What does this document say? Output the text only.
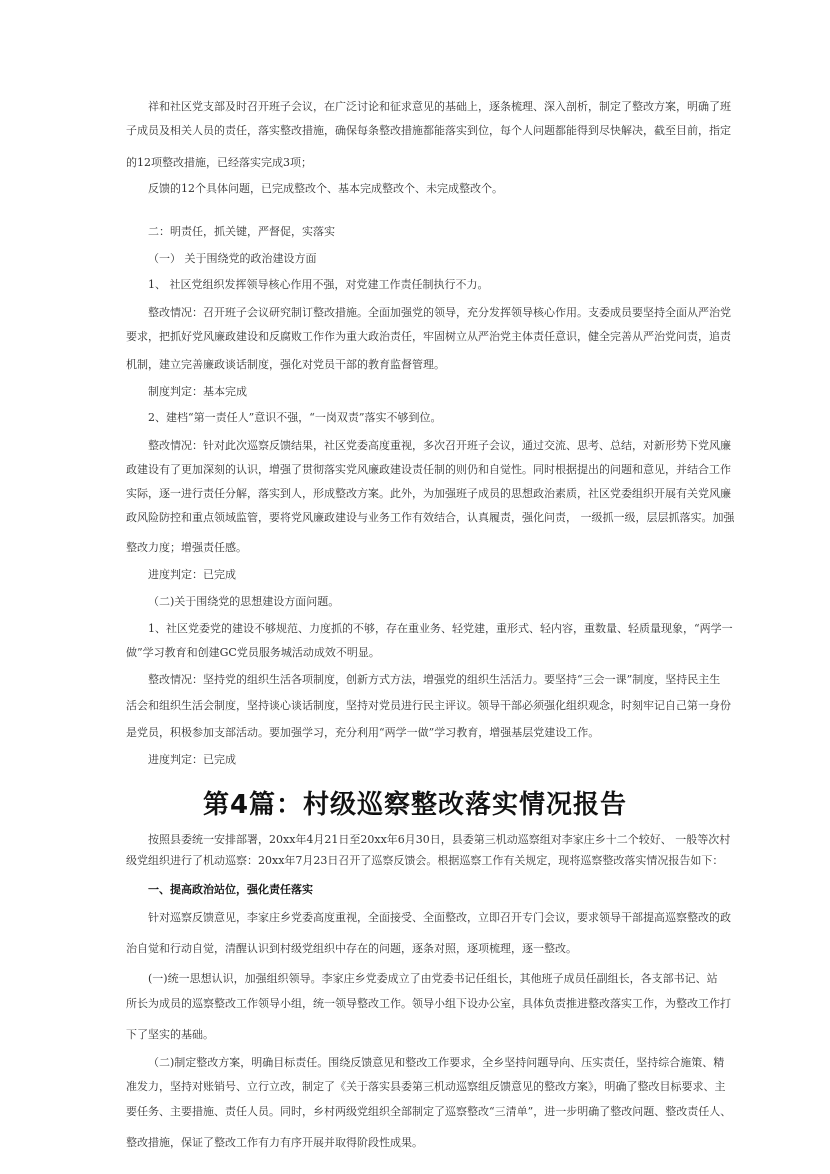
祥和社区党支部及时召开班子会议，在广泛讨论和征求意见的基础上，逐条梳理、深入剖析，制定了整改方案，明确了班
子成员及相关人员的责任，落实整改措施，确保每条整改措施都能落实到位，每个人问题都能得到尽快解决，截至目前，指定
的12项整改措施，已经落实完成3项；
反馈的12个具体问题，已完成整改个、基本完成整改个、未完成整改个。
二：明责任，抓关键，严督促，实落实
（一） 关于围绕党的政治建设方面
1、 社区党组织发挥领导核心作用不强，对党建工作责任制执行不力。
整改情况：召开班子会议研究制订整改措施。全面加强党的领导，充分发挥领导核心作用。支委成员要坚持全面从严治党
要求，把抓好党风廉政建设和反腐败工作作为重大政治责任，牢固树立从严治党主体责任意识，健全完善从严治党问责，追责
机制，建立完善廉政谈话制度，强化对党员干部的教育监督管理。
制度判定：基本完成
2、建档“第一责任人”意识不强，“一岗双责”落实不够到位。
整改情况：针对此次巡察反馈结果，社区党委高度重视，多次召开班子会议，通过交流、思考、总结，对新形势下党风廉
政建设有了更加深刻的认识，增强了贯彻落实党风廉政建设责任制的则仍和自觉性。同时根据提出的问题和意见，并结合工作
实际，逐一进行责任分解，落实到人，形成整改方案。此外，为加强班子成员的思想政治素质，社区党委组织开展有关党风廉
政风险防控和重点领域监管，要将党风廉政建设与业务工作有效结合，认真履责，强化问责， 一级抓一级，层层抓落实。加强
整改力度；增强责任感。
进度判定：已完成
（二)关于围绕党的思想建设方面问题。
1、社区党委党的建设不够规范、力度抓的不够，存在重业务、轻党建，重形式、轻内容，重数量、轻质量现象，“两学一
做”学习教育和创建GC党员服务城活动成效不明显。
整改情况：坚持党的组织生活各项制度，创新方式方法，增强党的组织生活活力。要坚持“三会一课”制度，坚持民主生
活会和组织生活会制度，坚持谈心谈话制度，坚持对党员进行民主评议。领导干部必须强化组织观念，时刻牢记自己第一身份
是党员，积极参加支部活动。要加强学习，充分利用“两学一做”学习教育，增强基层党建设工作。
进度判定：已完成
第4篇：村级巡察整改落实情况报告
按照县委统一安排部署，20xx年4月21日至20xx年6月30日，县委第三机动巡察组对李家庄乡十二个较好、 一般等次村
级党组织进行了机动巡察：20xx年7月23日召开了巡察反馈会。根据巡察工作有关规定，现将巡察整改落实情况报告如下：
一、提高政治站位，强化责任落实
针对巡察反馈意见，李家庄乡党委高度重视，全面接受、全面整改，立即召开专门会议，要求领导干部提高巡察整改的政
治自觉和行动自觉，清醒认识到村级党组织中存在的问题，逐条对照，逐项梳理，逐一整改。
(一)统一思想认识，加强组织领导。李家庄乡党委成立了由党委书记任组长，其他班子成员任副组长，各支部书记、站
所长为成员的巡察整改工作领导小组，统一领导整改工作。领导小组下设办公室，具体负责推进整改落实工作，为整改工作打
下了坚实的基础。
（二)制定整改方案，明确目标责任。围绕反馈意见和整改工作要求，全乡坚持问题导向、压实责任，坚持综合施策、精
准发力，坚持对账销号、立行立改，制定了《关于落实县委第三机动巡察组反馈意见的整改方案》，明确了整改目标要求、主
要任务、主要措施、责任人员。同时，乡村两级党组织全部制定了巡察整改“三清单”，进一步明确了整改问题、整改责任人、
整改措施，保证了整改工作有力有序开展并取得阶段性成果。
